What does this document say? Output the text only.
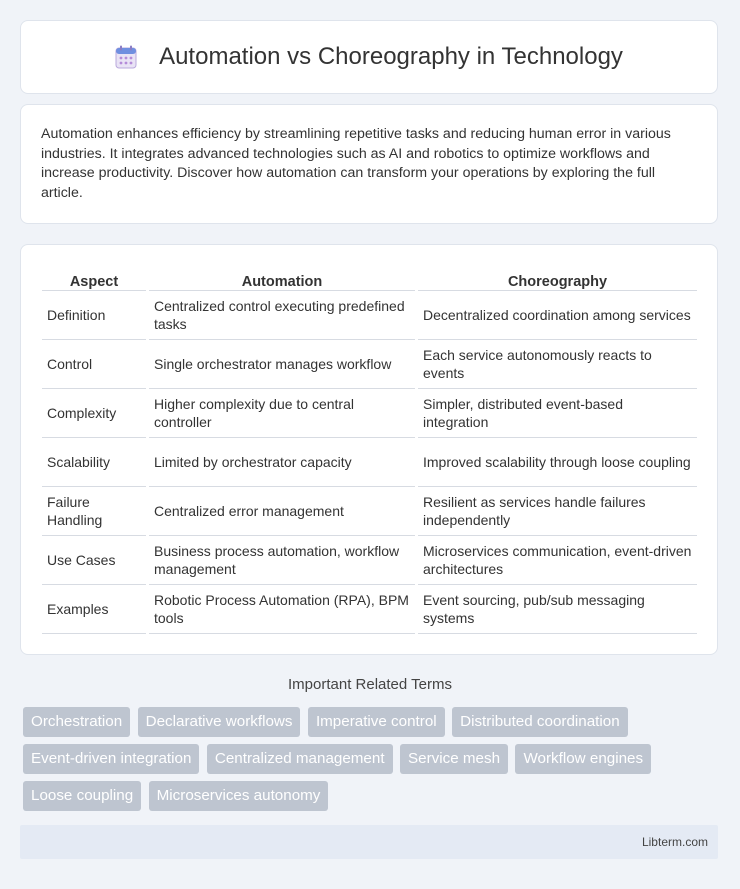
Automation vs Choreography in Technology

Automation enhances efficiency by streamlining repetitive tasks and reducing human error in various industries. It integrates advanced technologies such as AI and robotics to optimize workflows and increase productivity. Discover how automation can transform your operations by exploring the full article.

Aspect	Automation	Choreography
Definition	Centralized control executing predefined tasks	Decentralized coordination among services
Control	Single orchestrator manages workflow	Each service autonomously reacts to events
Complexity	Higher complexity due to central controller	Simpler, distributed event-based integration
Scalability	Limited by orchestrator capacity	Improved scalability through loose coupling
Failure Handling	Centralized error management	Resilient as services handle failures independently
Use Cases	Business process automation, workflow management	Microservices communication, event-driven architectures
Examples	Robotic Process Automation (RPA), BPM tools	Event sourcing, pub/sub messaging systems
Important Related Terms
Orchestration Declarative workflows Imperative control Distributed coordination Event-driven integration Centralized management Service mesh Workflow engines Loose coupling Microservices autonomy
Libterm.com
